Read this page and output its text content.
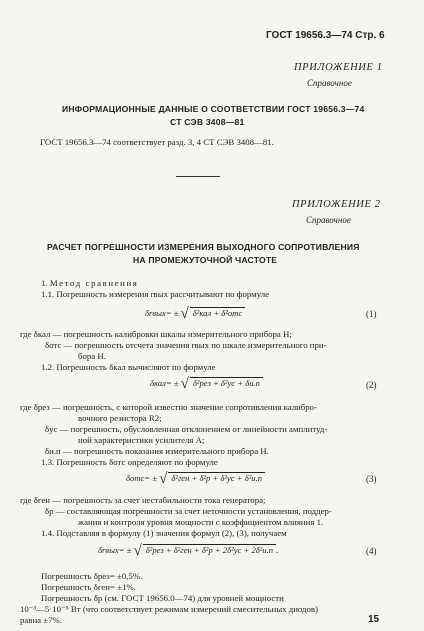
ГОСТ 19656.3—74 Стр. 6
ПРИЛОЖЕНИЕ 1
Справочное
ИНФОРМАЦИОННЫЕ ДАННЫЕ О СООТВЕТСТВИИ ГОСТ 19656.3—74
СТ СЭВ 3408—81
ГОСТ 19656.3—74 соответствует разд. 3, 4 СТ СЭВ 3408—81.
ПРИЛОЖЕНИЕ 2
Справочное
РАСЧЕТ ПОГРЕШНОСТИ ИЗМЕРЕНИЯ ВЫХОДНОГО СОПРОТИВЛЕНИЯ
НА ПРОМЕЖУТОЧНОЙ ЧАСТОТЕ
1. Метод сравнения
1.1. Погрешность измерения rвых рассчитывают по формуле
δrвых= ± √ δ²кал + δ²отс	(1)
где δкал — погрешность калибровки шкалы измерительного прибора H;
δотс — погрешность отсчета значения rвых по шкале измерительного при-
бора H.
1.2. Погрешность δкал вычисляют по формуле
δкал= ± √ δ²рез + δ²ус + δи.п	(2)
где δрез — погрешность, с которой известно значение сопротивления калибро-
вочного резистора R2;
δус — погрешность, обусловленная отклонением от линейности амплитуд-
ной характеристики усилителя A;
δи.п — погрешность показания измерительного прибора H.
1.3. Погрешность δотс определяют по формуле
δотс= ± √ δ²ген + δ²р + δ²ус + δ²и.п	(3)
где δген — погрешность за счет нестабильности тока генератора;
δр — составляющая погрешности за счет неточности установления, поддер-
жания и контроля уровня мощности с коэффициентом влияния 1.
1.4. Подставляя в формулу (1) значения формул (2), (3), получаем
δrвых= ± √ δ²рез + δ²ген + δ²р + 2δ²ус + 2δ²и.п .	(4)
Погрешность δрез= ±0,5%.
Погрешность δген= ±1%.
Погрешность δр (см. ГОСТ 19656.0—74) для уровней мощности
10⁻³—5·10⁻⁵ Вт (что соответствует режимам измерений смесительных диодов)
равна ±7%.	15
